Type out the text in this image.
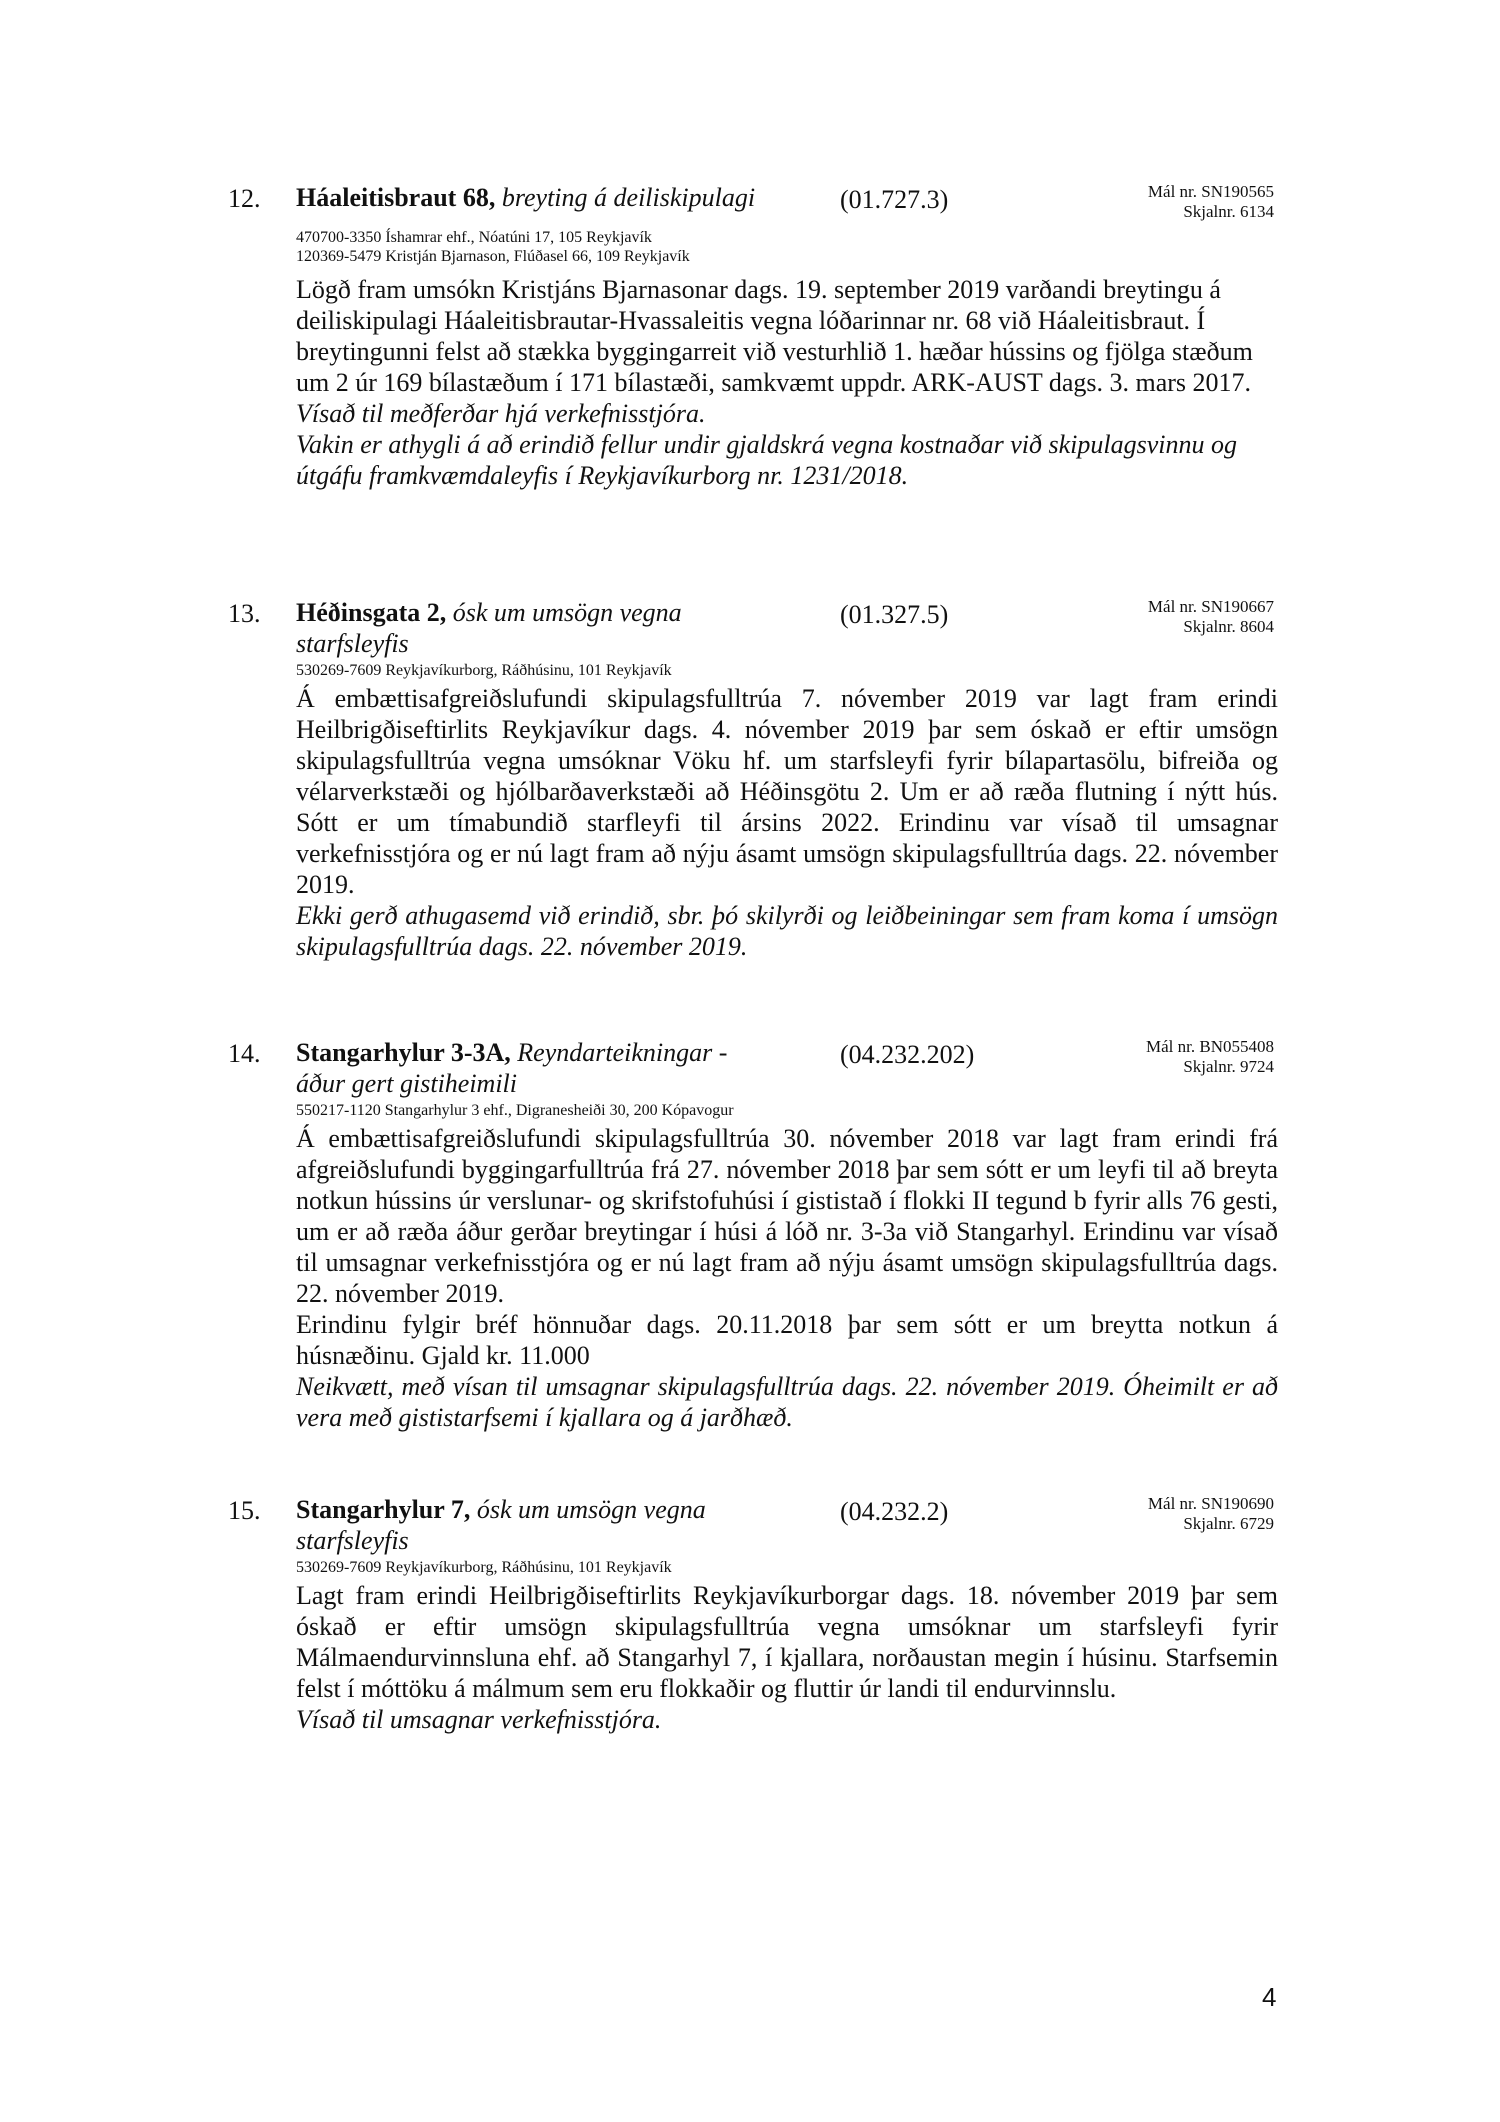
12. Háaleitisbraut 68, breyting á deiliskipulagi	(01.727.3)	Mál nr. SN190565
Skjalnr. 6134
470700-3350 Íshamrar ehf., Nóatúni 17, 105 Reykjavík
120369-5479 Kristján Bjarnason, Flúðasel 66, 109 Reykjavík

Lögð fram umsókn Kristjáns Bjarnasonar dags. 19. september 2019 varðandi breytingu á deiliskipulagi Háaleitisbrautar-Hvassaleitis vegna lóðarinnar nr. 68 við Háaleitisbraut. Í breytingunni felst að stækka byggingarreit við vesturhlið 1. hæðar hússins og fjölga stæðum um 2 úr 169 bílastæðum í 171 bílastæði, samkvæmt uppdr. ARK-AUST dags. 3. mars 2017.

Vísað til meðferðar hjá verkefnisstjóra.

Vakin er athygli á að erindið fellur undir gjaldskrá vegna kostnaðar við skipulagsvinnu og útgáfu framkvæmdaleyfis í Reykjavíkurborg nr. 1231/2018.

13. Héðinsgata 2, ósk um umsögn vegna starfsleyfis
(01.327.5)	Mál nr. SN190667
Skjalnr. 8604
530269-7609 Reykjavíkurborg, Ráðhúsinu, 101 Reykjavík

Á embættisafgreiðslufundi skipulagsfulltrúa 7. nóvember 2019 var lagt fram erindi Heilbrigðiseftirlits Reykjavíkur dags. 4. nóvember 2019 þar sem óskað er eftir umsögn skipulagsfulltrúa vegna umsóknar Vöku hf. um starfsleyfi fyrir bílapartasölu, bifreiða og vélarverkstæði og hjólbarðaverkstæði að Héðinsgötu 2. Um er að ræða flutning í nýtt hús. Sótt er um tímabundið starfleyfi til ársins 2022. Erindinu var vísað til umsagnar verkefnisstjóra og er nú lagt fram að nýju ásamt umsögn skipulagsfulltrúa dags. 22. nóvember 2019.

Ekki gerð athugasemd við erindið, sbr. þó skilyrði og leiðbeiningar sem fram koma í umsögn skipulagsfulltrúa dags. 22. nóvember 2019.

14. Stangarhylur 3-3A, Reyndarteikningar - áður gert gistiheimili
(04.232.202)	Mál nr. BN055408
Skjalnr. 9724
550217-1120 Stangarhylur 3 ehf., Digranesheiði 30, 200 Kópavogur

Á embættisafgreiðslufundi skipulagsfulltrúa 30. nóvember 2018 var lagt fram erindi frá afgreiðslufundi byggingarfulltrúa frá 27. nóvember 2018 þar sem sótt er um leyfi til að breyta notkun hússins úr verslunar- og skrifstofuhúsi í gististað í flokki II tegund b fyrir alls 76 gesti, um er að ræða áður gerðar breytingar í húsi á lóð nr. 3-3a við Stangarhyl. Erindinu var vísað til umsagnar verkefnisstjóra og er nú lagt fram að nýju ásamt umsögn skipulagsfulltrúa dags. 22. nóvember 2019.

Erindinu fylgir bréf hönnuðar dags. 20.11.2018 þar sem sótt er um breytta notkun á húsnæðinu. Gjald kr. 11.000

Neikvætt, með vísan til umsagnar skipulagsfulltrúa dags. 22. nóvember 2019. Óheimilt er að vera með gististarfsemi í kjallara og á jarðhæð.

15. Stangarhylur 7, ósk um umsögn vegna starfsleyfis
(04.232.2)	Mál nr. SN190690
Skjalnr. 6729
530269-7609 Reykjavíkurborg, Ráðhúsinu, 101 Reykjavík

Lagt fram erindi Heilbrigðiseftirlits Reykjavíkurborgar dags. 18. nóvember 2019 þar sem óskað er eftir umsögn skipulagsfulltrúa vegna umsóknar um starfsleyfi fyrir Málmaendurvinnsluna ehf. að Stangarhyl 7, í kjallara, norðaustan megin í húsinu. Starfsemin felst í móttöku á málmum sem eru flokkaðir og fluttir úr landi til endurvinnslu.

Vísað til umsagnar verkefnisstjóra.

4
